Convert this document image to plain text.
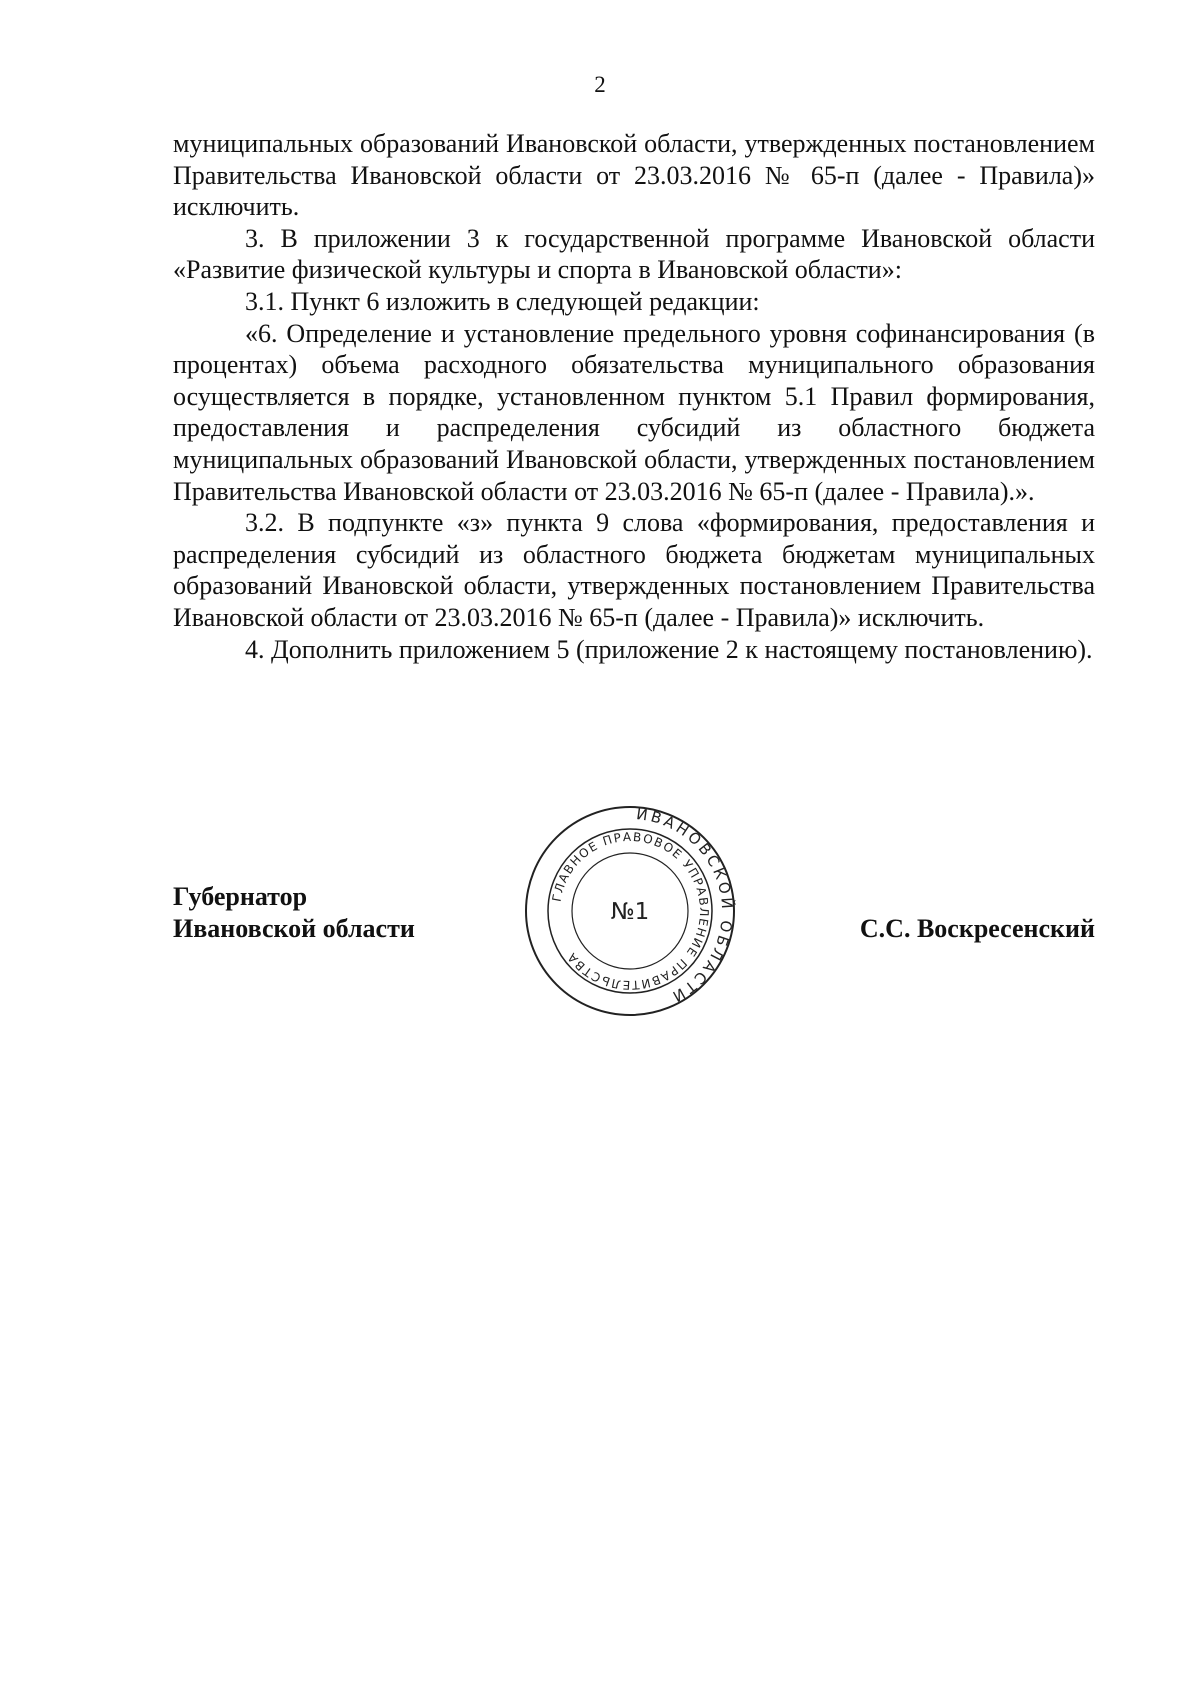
2

муниципальных образований Ивановской области, утвержденных постановлением Правительства Ивановской области от 23.03.2016 № 65-п (далее - Правила)» исключить.

3. В приложении 3 к государственной программе Ивановской области «Развитие физической культуры и спорта в Ивановской области»:

3.1. Пункт 6 изложить в следующей редакции:

«6. Определение и установление предельного уровня софинансирования (в процентах) объема расходного обязательства муниципального образования осуществляется в порядке, установленном пунктом 5.1 Правил формирования, предоставления и распределения субсидий из областного бюджета муниципальных образований Ивановской области, утвержденных постановлением Правительства Ивановской области от 23.03.2016 № 65-п (далее - Правила).».

3.2. В подпункте «з» пункта 9 слова «формирования, предоставления и распределения субсидий из областного бюджета бюджетам муниципальных образований Ивановской области, утвержденных постановлением Правительства Ивановской области от 23.03.2016 № 65-п (далее - Правила)» исключить.

4. Дополнить приложением 5 (приложение 2 к настоящему постановлению).

Губернатор
Ивановской области
ИВАНОВСКОЙ ОБЛАСТИ
ГЛАВНОЕ ПРАВОВОЕ УПРАВЛЕНИЕ ПРАВИТЕЛЬСТВА
№1
С.С. Воскресенский
